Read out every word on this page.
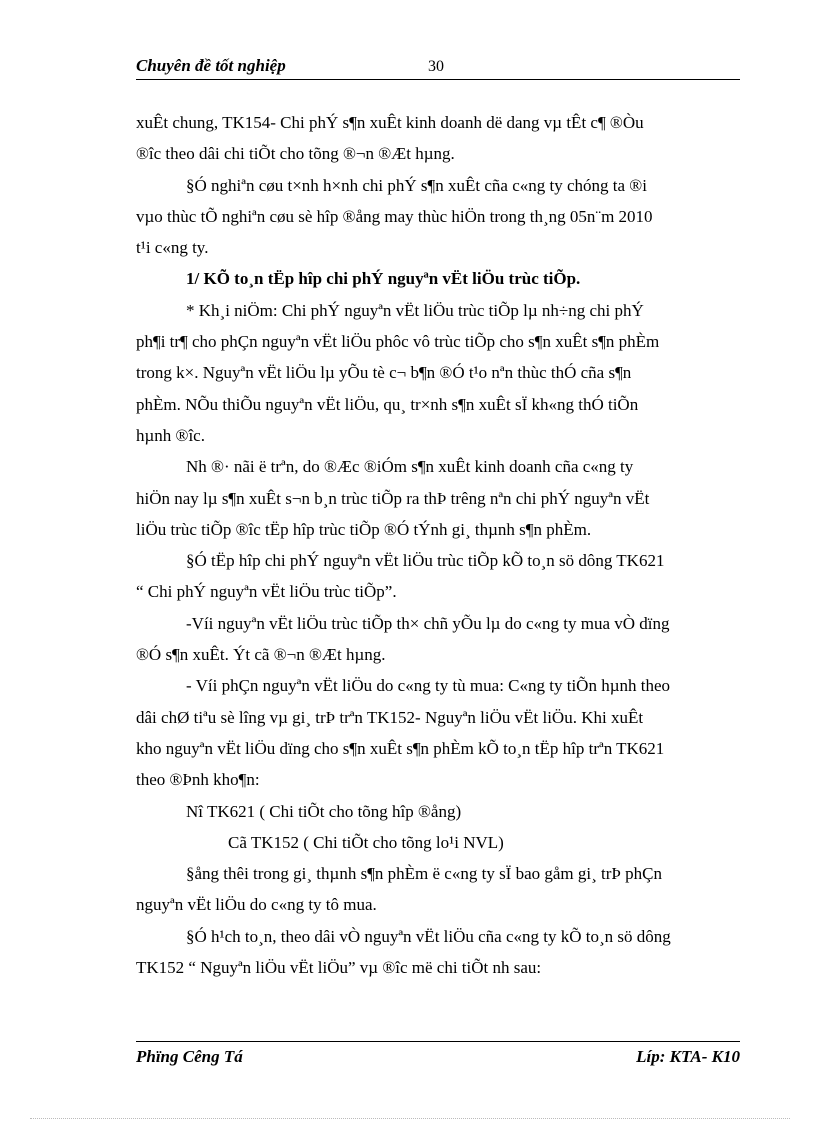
Chuyên đề tốt nghiệp	30
xuÊt chung, TK154- Chi phÝ s¶n xuÊt kinh doanh dë dang vµ tÊt c¶ ®Òu
®îc theo dâi chi tiÕt cho tõng ®¬n ®Æt hµng.
§Ó nghiªn cøu t×nh h×nh chi phÝ s¶n xuÊt cña c«ng ty chóng ta ®i
vµo thùc tÕ nghiªn cøu sè hîp ®ång may thùc hiÖn trong th¸ng 05n¨m 2010
t¹i c«ng ty.
1/ KÕ to¸n tËp hîp chi phÝ nguyªn vËt liÖu trùc tiÕp.
* Kh¸i niÖm: Chi phÝ nguyªn vËt liÖu trùc tiÕp lµ nh÷ng chi phÝ
ph¶i tr¶ cho phÇn nguyªn vËt liÖu phôc vô trùc tiÕp cho s¶n xuÊt s¶n phÈm
trong k×. Nguyªn vËt liÖu lµ yÕu tè c¬ b¶n ®Ó t¹o nªn thùc thÓ cña s¶n
phÈm. NÕu thiÕu nguyªn vËt liÖu, qu¸ tr×nh s¶n xuÊt sÏ kh«ng thÓ tiÕn
hµnh ®îc.
Nh ®· nãi ë trªn, do ®Æc ®iÓm s¶n xuÊt kinh doanh cña c«ng ty
hiÖn nay lµ s¶n xuÊt s¬n b¸n trùc tiÕp ra thÞ trêng nªn chi phÝ nguyªn vËt
liÖu trùc tiÕp ®îc tËp hîp trùc tiÕp ®Ó tÝnh gi¸ thµnh s¶n phÈm.
§Ó tËp hîp chi phÝ nguyªn vËt liÖu trùc tiÕp kÕ to¸n sö dông TK621
“ Chi phÝ nguyªn vËt liÖu trùc tiÕp”.
-Víi nguyªn vËt liÖu trùc tiÕp th× chñ yÕu lµ do c«ng ty mua vÒ dïng
®Ó s¶n xuÊt. Ýt cã ®¬n ®Æt hµng.
- Víi phÇn nguyªn vËt liÖu do c«ng ty tù mua: C«ng ty tiÕn hµnh theo
dâi chØ tiªu sè lîng vµ gi¸ trÞ trªn TK152- Nguyªn liÖu vËt liÖu. Khi xuÊt
kho nguyªn vËt liÖu dïng cho s¶n xuÊt s¶n phÈm kÕ to¸n tËp hîp trªn TK621
theo ®Þnh kho¶n:
Nî TK621 ( Chi tiÕt cho tõng hîp ®ång)
Cã TK152 ( Chi tiÕt cho tõng lo¹i NVL)
§ång thêi trong gi¸ thµnh s¶n phÈm ë c«ng ty sÏ bao gåm gi¸ trÞ phÇn
nguyªn vËt liÖu do c«ng ty tô mua.
§Ó h¹ch to¸n, theo dâi vÒ nguyªn vËt liÖu cña c«ng ty kÕ to¸n sö dông
TK152 “ Nguyªn liÖu vËt liÖu” vµ ®îc më chi tiÕt nh sau:
Phïng Cêng Tá	Líp: KTA- K10
